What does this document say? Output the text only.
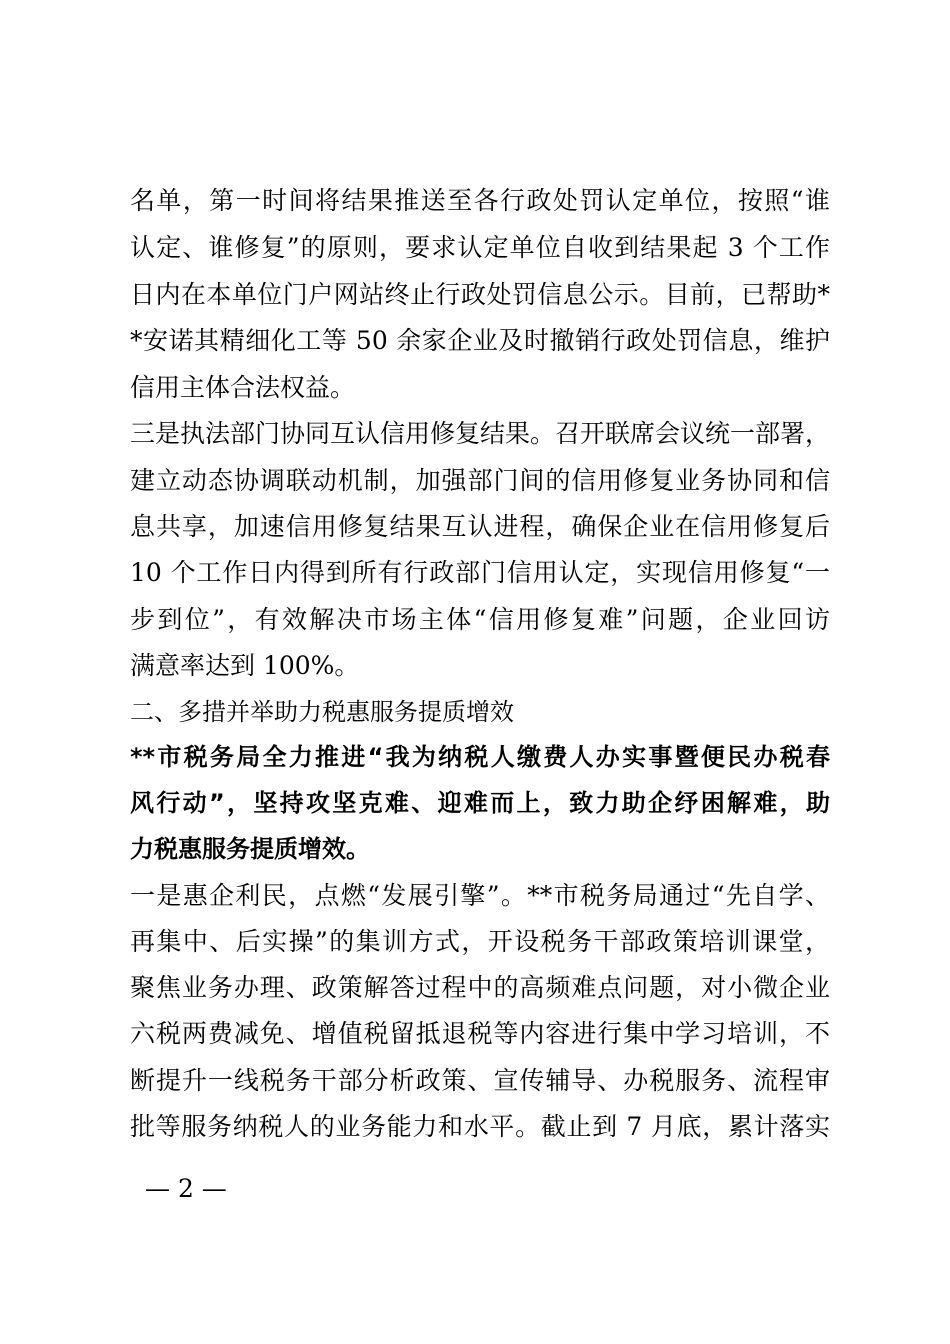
名单，第一时间将结果推送至各行政处罚认定单位，按照“谁
认定、谁修复”的原则，要求认定单位自收到结果起 3 个工作
日内在本单位门户网站终止行政处罚信息公示。目前，已帮助*
*安诺其精细化工等 50 余家企业及时撤销行政处罚信息，维护
信用主体合法权益。
三是执法部门协同互认信用修复结果。召开联席会议统一部署，
建立动态协调联动机制，加强部门间的信用修复业务协同和信
息共享，加速信用修复结果互认进程，确保企业在信用修复后
10 个工作日内得到所有行政部门信用认定，实现信用修复“一
步到位”，有效解决市场主体“信用修复难”问题，企业回访
满意率达到 100%。
二、多措并举助力税惠服务提质增效
**市税务局全力推进“我为纳税人缴费人办实事暨便民办税春
风行动”，坚持攻坚克难、迎难而上，致力助企纾困解难，助
力税惠服务提质增效。
一是惠企利民，点燃“发展引擎”。**市税务局通过“先自学、
再集中、后实操”的集训方式，开设税务干部政策培训课堂，
聚焦业务办理、政策解答过程中的高频难点问题，对小微企业
六税两费减免、增值税留抵退税等内容进行集中学习培训，不
断提升一线税务干部分析政策、宣传辅导、办税服务、流程审
批等服务纳税人的业务能力和水平。截止到 7 月底，累计落实
— 2 —
